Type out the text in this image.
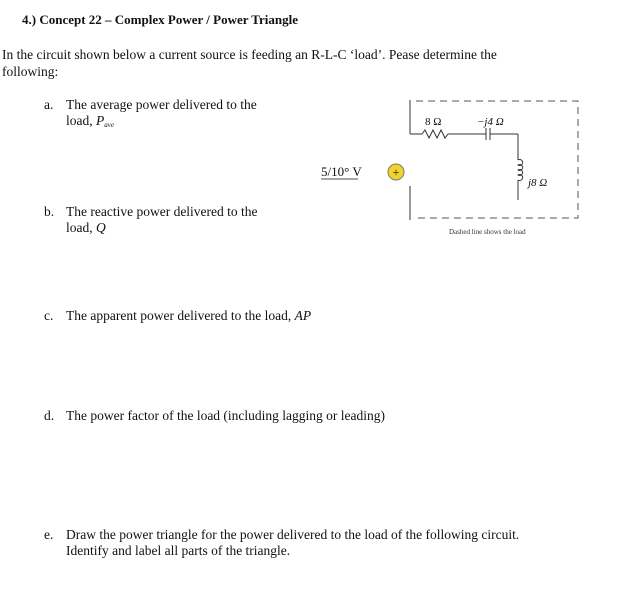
4.) Concept 22 – Complex Power / Power Triangle
In the circuit shown below a current source is feeding an R-L-C ‘load’. Pease determine the
following:
a. The average power delivered to the
load, $P_{ave}$
b. The reactive power delivered to the
load, Q
c. The apparent power delivered to the load, AP
d. The power factor of the load (including lagging or leading)
e. Draw the power triangle for the power delivered to the load of the following circuit.
Identify and label all parts of the triangle.
+
8 Ω	−j4 Ω
j8 Ω
5/10° V
Dashed line shows the load
